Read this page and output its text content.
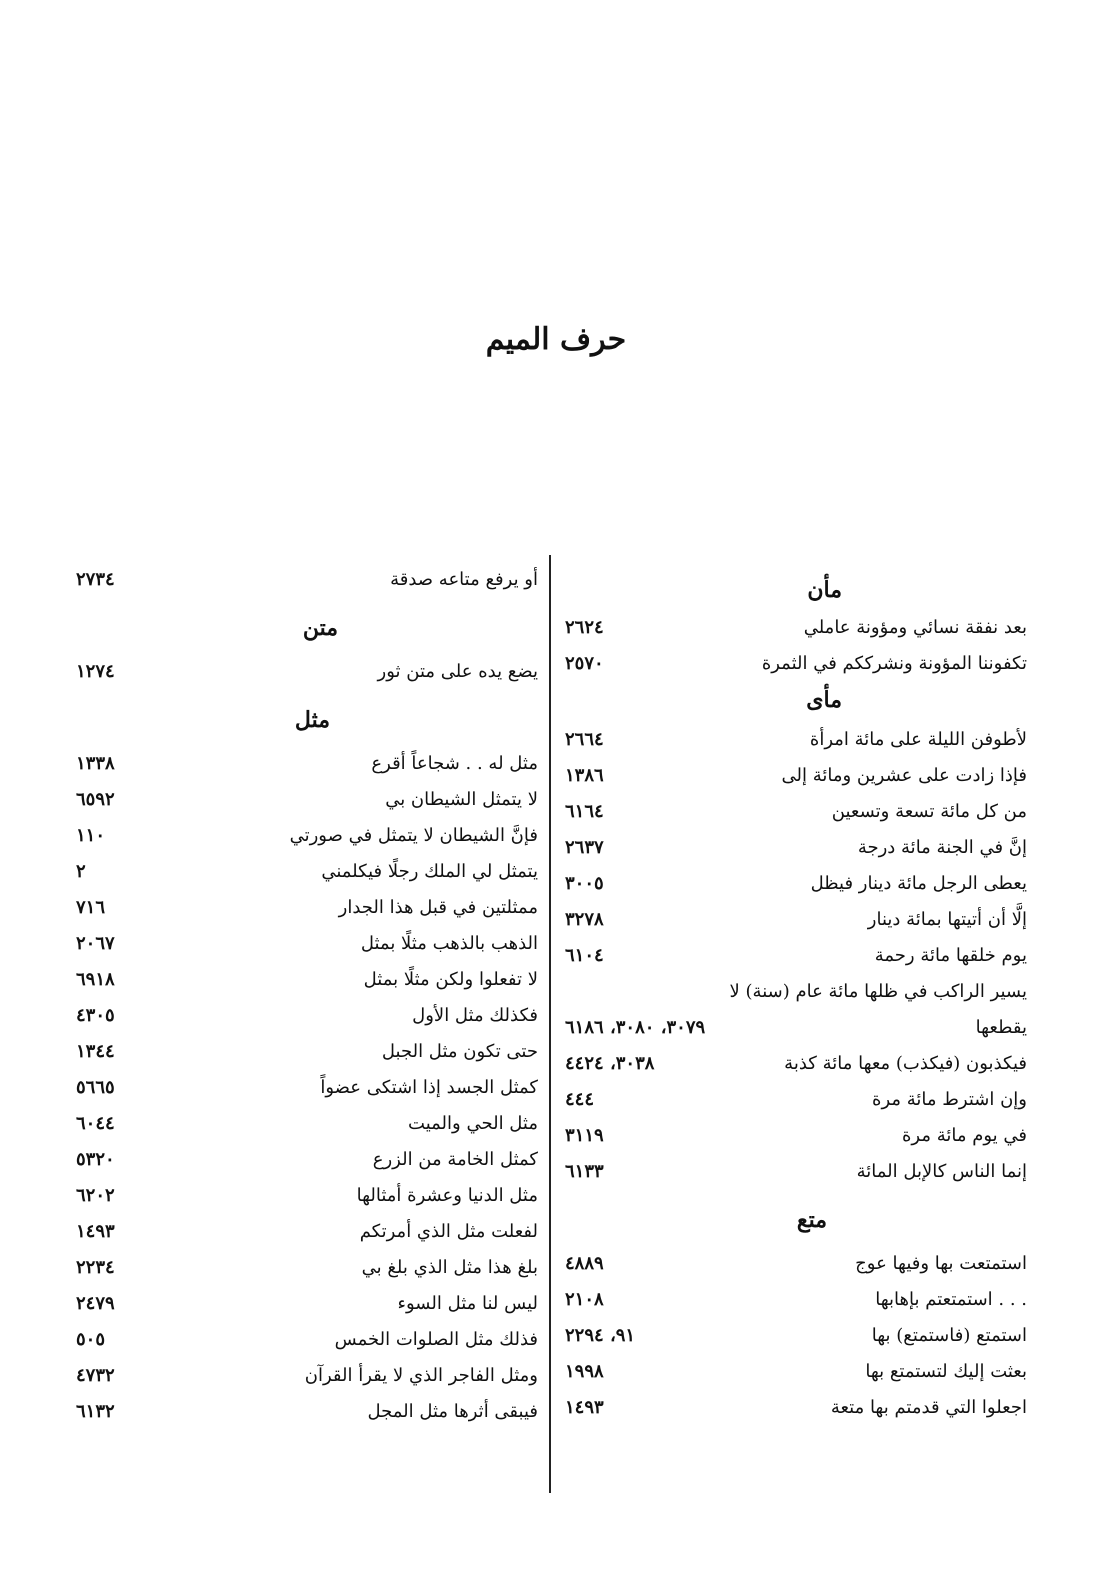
حرف الميم
مأن
بعد نفقة نسائي ومؤونة عاملي
٢٦٢٤
تكفوننا المؤونة ونشرككم في الثمرة
٢٥٧٠
مأى
لأطوفن الليلة على مائة امرأة
٢٦٦٤
فإذا زادت على عشرين ومائة إلى
١٣٨٦
من كل مائة تسعة وتسعين
٦١٦٤
إنَّ في الجنة مائة درجة
٢٦٣٧
يعطى الرجل مائة دينار فيظل
٣٠٠٥
إلَّا أن أتيتها بمائة دينار
٣٢٧٨
يوم خلقها مائة رحمة
٦١٠٤
يسير الراكب في ظلها مائة عام (سنة) لا
يقطعها
٣٠٧٩، ٣٠٨٠، ٦١٨٦
فيكذبون (فيكذب) معها مائة كذبة
٣٠٣٨، ٤٤٢٤
وإن اشترط مائة مرة
٤٤٤
في يوم مائة مرة
٣١١٩
إنما الناس كالإبل المائة
٦١٣٣
متع
استمتعت بها وفيها عوج
٤٨٨٩
. . . استمتعتم بإهابها
٢١٠٨
استمتع (فاستمتع) بها
٩١، ٢٢٩٤
بعثت إليك لتستمتع بها
١٩٩٨
اجعلوا التي قدمتم بها متعة
١٤٩٣
أو يرفع متاعه صدقة
٢٧٣٤
متن
يضع يده على متن ثور
١٢٧٤
مثل
مثل له . . شجاعاً أقرع
١٣٣٨
لا يتمثل الشيطان بي
٦٥٩٢
فإنَّ الشيطان لا يتمثل في صورتي
١١٠
يتمثل لي الملك رجلًا فيكلمني
٢
ممثلتين في قبل هذا الجدار
٧١٦
الذهب بالذهب مثلًا بمثل
٢٠٦٧
لا تفعلوا ولكن مثلًا بمثل
٦٩١٨
فكذلك مثل الأول
٤٣٠٥
حتى تكون مثل الجبل
١٣٤٤
كمثل الجسد إذا اشتكى عضواً
٥٦٦٥
مثل الحي والميت
٦٠٤٤
كمثل الخامة من الزرع
٥٣٢٠
مثل الدنيا وعشرة أمثالها
٦٢٠٢
لفعلت مثل الذي أمرتكم
١٤٩٣
بلغ هذا مثل الذي بلغ بي
٢٢٣٤
ليس لنا مثل السوء
٢٤٧٩
فذلك مثل الصلوات الخمس
٥٠٥
ومثل الفاجر الذي لا يقرأ القرآن
٤٧٣٢
فيبقى أثرها مثل المجل
٦١٣٢
